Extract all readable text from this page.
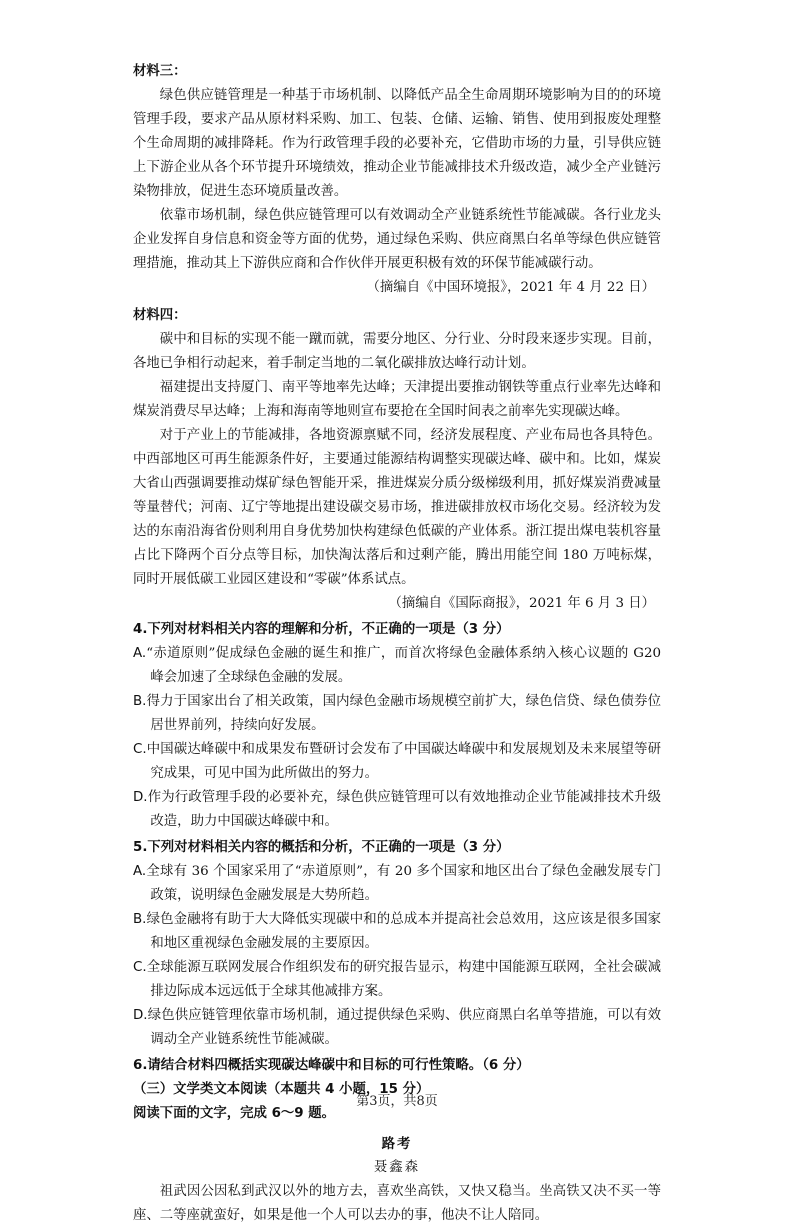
材料三：

绿色供应链管理是一种基于市场机制、以降低产品全生命周期环境影响为目的的环境管理手段，要求产品从原材料采购、加工、包装、仓储、运输、销售、使用到报废处理整个生命周期的减排降耗。作为行政管理手段的必要补充，它借助市场的力量，引导供应链上下游企业从各个环节提升环境绩效，推动企业节能减排技术升级改造，减少全产业链污染物排放，促进生态环境质量改善。

依靠市场机制，绿色供应链管理可以有效调动全产业链系统性节能减碳。各行业龙头企业发挥自身信息和资金等方面的优势，通过绿色采购、供应商黑白名单等绿色供应链管理措施，推动其上下游供应商和合作伙伴开展更积极有效的环保节能减碳行动。

（摘编自《中国环境报》，2021 年 4 月 22 日）

材料四：

碳中和目标的实现不能一蹴而就，需要分地区、分行业、分时段来逐步实现。目前，各地已争相行动起来，着手制定当地的二氧化碳排放达峰行动计划。

福建提出支持厦门、南平等地率先达峰；天津提出要推动钢铁等重点行业率先达峰和煤炭消费尽早达峰；上海和海南等地则宣布要抢在全国时间表之前率先实现碳达峰。

对于产业上的节能减排，各地资源禀赋不同，经济发展程度、产业布局也各具特色。中西部地区可再生能源条件好，主要通过能源结构调整实现碳达峰、碳中和。比如，煤炭大省山西强调要推动煤矿绿色智能开采，推进煤炭分质分级梯级利用，抓好煤炭消费减量等量替代；河南、辽宁等地提出建设碳交易市场，推进碳排放权市场化交易。经济较为发达的东南沿海省份则利用自身优势加快构建绿色低碳的产业体系。浙江提出煤电装机容量占比下降两个百分点等目标，加快淘汰落后和过剩产能，腾出用能空间 180 万吨标煤，同时开展低碳工业园区建设和“零碳”体系试点。

（摘编自《国际商报》，2021 年 6 月 3 日）

4.下列对材料相关内容的理解和分析，不正确的一项是（3 分）

A.“赤道原则”促成绿色金融的诞生和推广，而首次将绿色金融体系纳入核心议题的 G20 峰会加速了全球绿色金融的发展。

B.得力于国家出台了相关政策，国内绿色金融市场规模空前扩大，绿色信贷、绿色债券位居世界前列，持续向好发展。

C.中国碳达峰碳中和成果发布暨研讨会发布了中国碳达峰碳中和发展规划及未来展望等研究成果，可见中国为此所做出的努力。

D.作为行政管理手段的必要补充，绿色供应链管理可以有效地推动企业节能减排技术升级改造，助力中国碳达峰碳中和。

5.下列对材料相关内容的概括和分析，不正确的一项是（3 分）

A.全球有 36 个国家采用了“赤道原则”，有 20 多个国家和地区出台了绿色金融发展专门政策，说明绿色金融发展是大势所趋。

B.绿色金融将有助于大大降低实现碳中和的总成本并提高社会总效用，这应该是很多国家和地区重视绿色金融发展的主要原因。

C.全球能源互联网发展合作组织发布的研究报告显示，构建中国能源互联网，全社会碳减排边际成本远远低于全球其他减排方案。

D.绿色供应链管理依靠市场机制，通过提供绿色采购、供应商黑白名单等措施，可以有效调动全产业链系统性节能减碳。

6.请结合材料四概括实现碳达峰碳中和目标的可行性策略。（6 分）

（三）文学类文本阅读（本题共 4 小题，15 分）

阅读下面的文字，完成 6～9 题。

路考

聂鑫森

祖武因公因私到武汉以外的地方去，喜欢坐高铁，又快又稳当。坐高铁又决不买一等座、二等座就蛮好，如果是他一个人可以去办的事，他决不让人陪同。

第3页，共8页
